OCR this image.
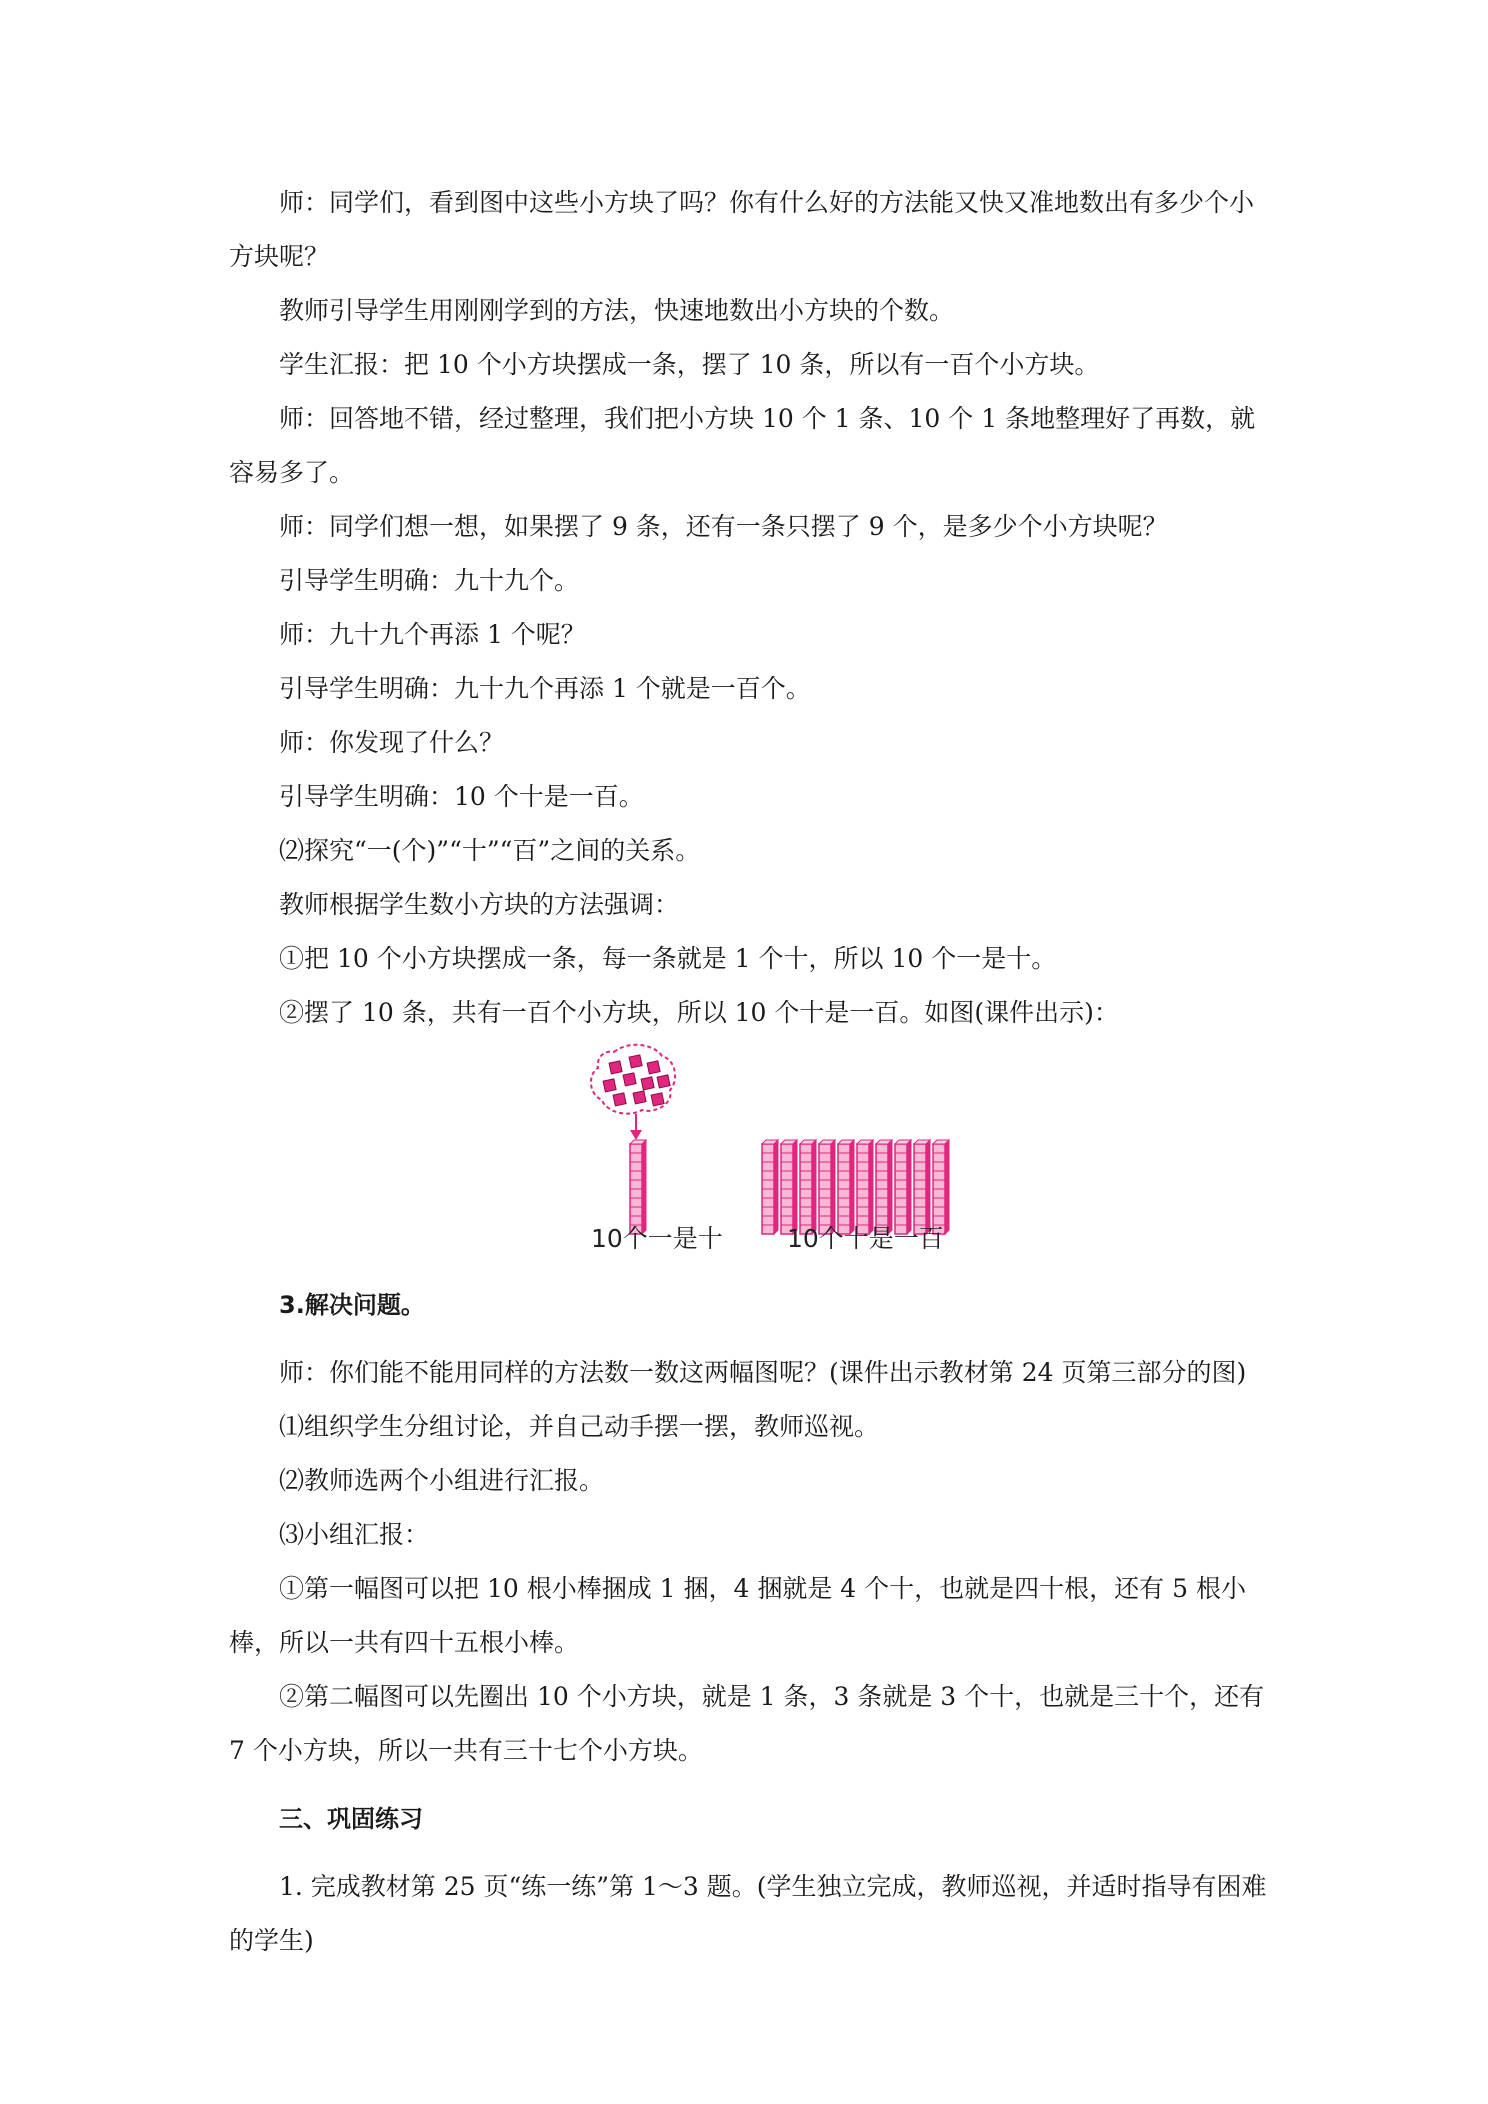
师：同学们，看到图中这些小方块了吗？你有什么好的方法能又快又准地数出有多少个小方块呢？

教师引导学生用刚刚学到的方法，快速地数出小方块的个数。

学生汇报：把 10 个小方块摆成一条，摆了 10 条，所以有一百个小方块。

师：回答地不错，经过整理，我们把小方块 10 个 1 条、10 个 1 条地整理好了再数，就容易多了。

师：同学们想一想，如果摆了 9 条，还有一条只摆了 9 个，是多少个小方块呢？

引导学生明确：九十九个。

师：九十九个再添 1 个呢？

引导学生明确：九十九个再添 1 个就是一百个。

师：你发现了什么？

引导学生明确：10 个十是一百。

⑵探究“一(个)”“十”“百”之间的关系。

教师根据学生数小方块的方法强调：

①把 10 个小方块摆成一条，每一条就是 1 个十，所以 10 个一是十。

②摆了 10 条，共有一百个小方块，所以 10 个十是一百。如图(课件出示)：

10个一是十	10个十是一百

3.解决问题。

师：你们能不能用同样的方法数一数这两幅图呢？(课件出示教材第 24 页第三部分的图)

⑴组织学生分组讨论，并自己动手摆一摆，教师巡视。

⑵教师选两个小组进行汇报。

⑶小组汇报：

①第一幅图可以把 10 根小棒捆成 1 捆，4 捆就是 4 个十，也就是四十根，还有 5 根小棒，所以一共有四十五根小棒。

②第二幅图可以先圈出 10 个小方块，就是 1 条，3 条就是 3 个十，也就是三十个，还有 7 个小方块，所以一共有三十七个小方块。

三、巩固练习

1. 完成教材第 25 页“练一练”第 1～3 题。(学生独立完成，教师巡视，并适时指导有困难的学生)
